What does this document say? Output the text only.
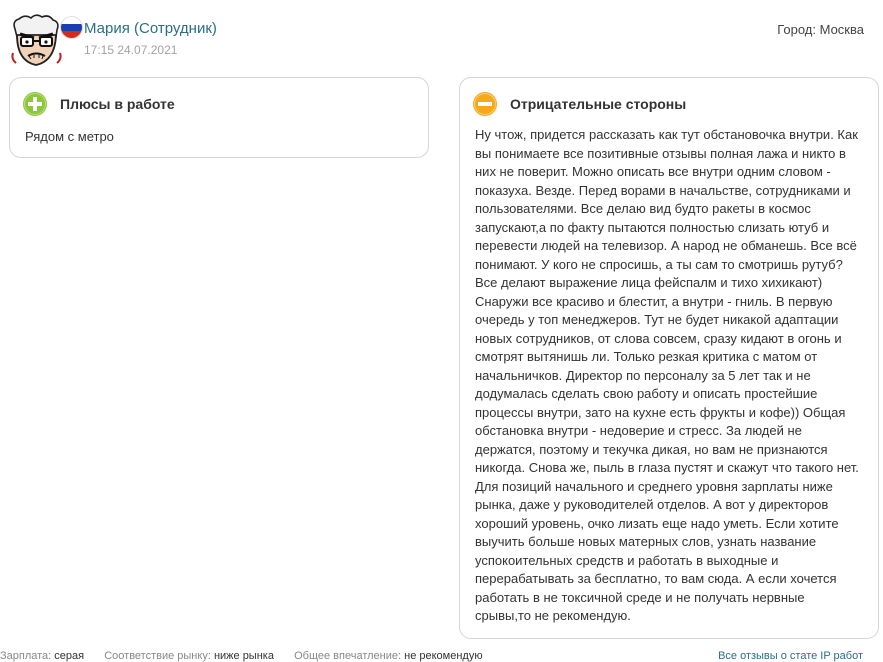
Мария (Сотрудник)
17:15 24.07.2021
Город: Москва
Плюсы в работе
Рядом с метро
Отрицательные стороны
Ну чтож, придется рассказать как тут обстановочка внутри. Как вы понимаете все позитивные отзывы полная лажа и никто в них не поверит. Можно описать все внутри одним словом - показуха. Везде. Перед ворами в начальстве, сотрудниками и пользователями. Все делаю вид будто ракеты в космос запускают,а по факту пытаются полностью слизать ютуб и перевести людей на телевизор. А народ не обманешь. Все всё понимают. У кого не спросишь, а ты сам то смотришь рутуб? Все делают выражение лица фейспалм и тихо хихикают) Снаружи все красиво и блестит, а внутри - гниль. В первую очередь у топ менеджеров. Тут не будет никакой адаптации новых сотрудников, от слова совсем, сразу кидают в огонь и смотрят вытянишь ли. Только резкая критика с матом от начальничков. Директор по персоналу за 5 лет так и не додумалась сделать свою работу и описать простейшие процессы внутри, зато на кухне есть фрукты и кофе)) Общая обстановка внутри - недоверие и стресс. За людей не держатся, поэтому и текучка дикая, но вам не признаются никогда. Снова же, пыль в глаза пустят и скажут что такого нет. Для позиций начального и среднего уровня зарплаты ниже рынка, даже у руководителей отделов. А вот у директоров хороший уровень, очко лизать еще надо уметь. Если хотите выучить больше новых матерных слов, узнать название успокоительных средств и работать в выходные и перерабатывать за бесплатно, то вам сюда. А если хочется работать в не токсичной среде и не получать нервные срывы,то не рекомендую.
Зарплата: серая Соответствие рынку: ниже рынка Общее впечатление: не рекомендую	Все отзывы о стате IP работ
